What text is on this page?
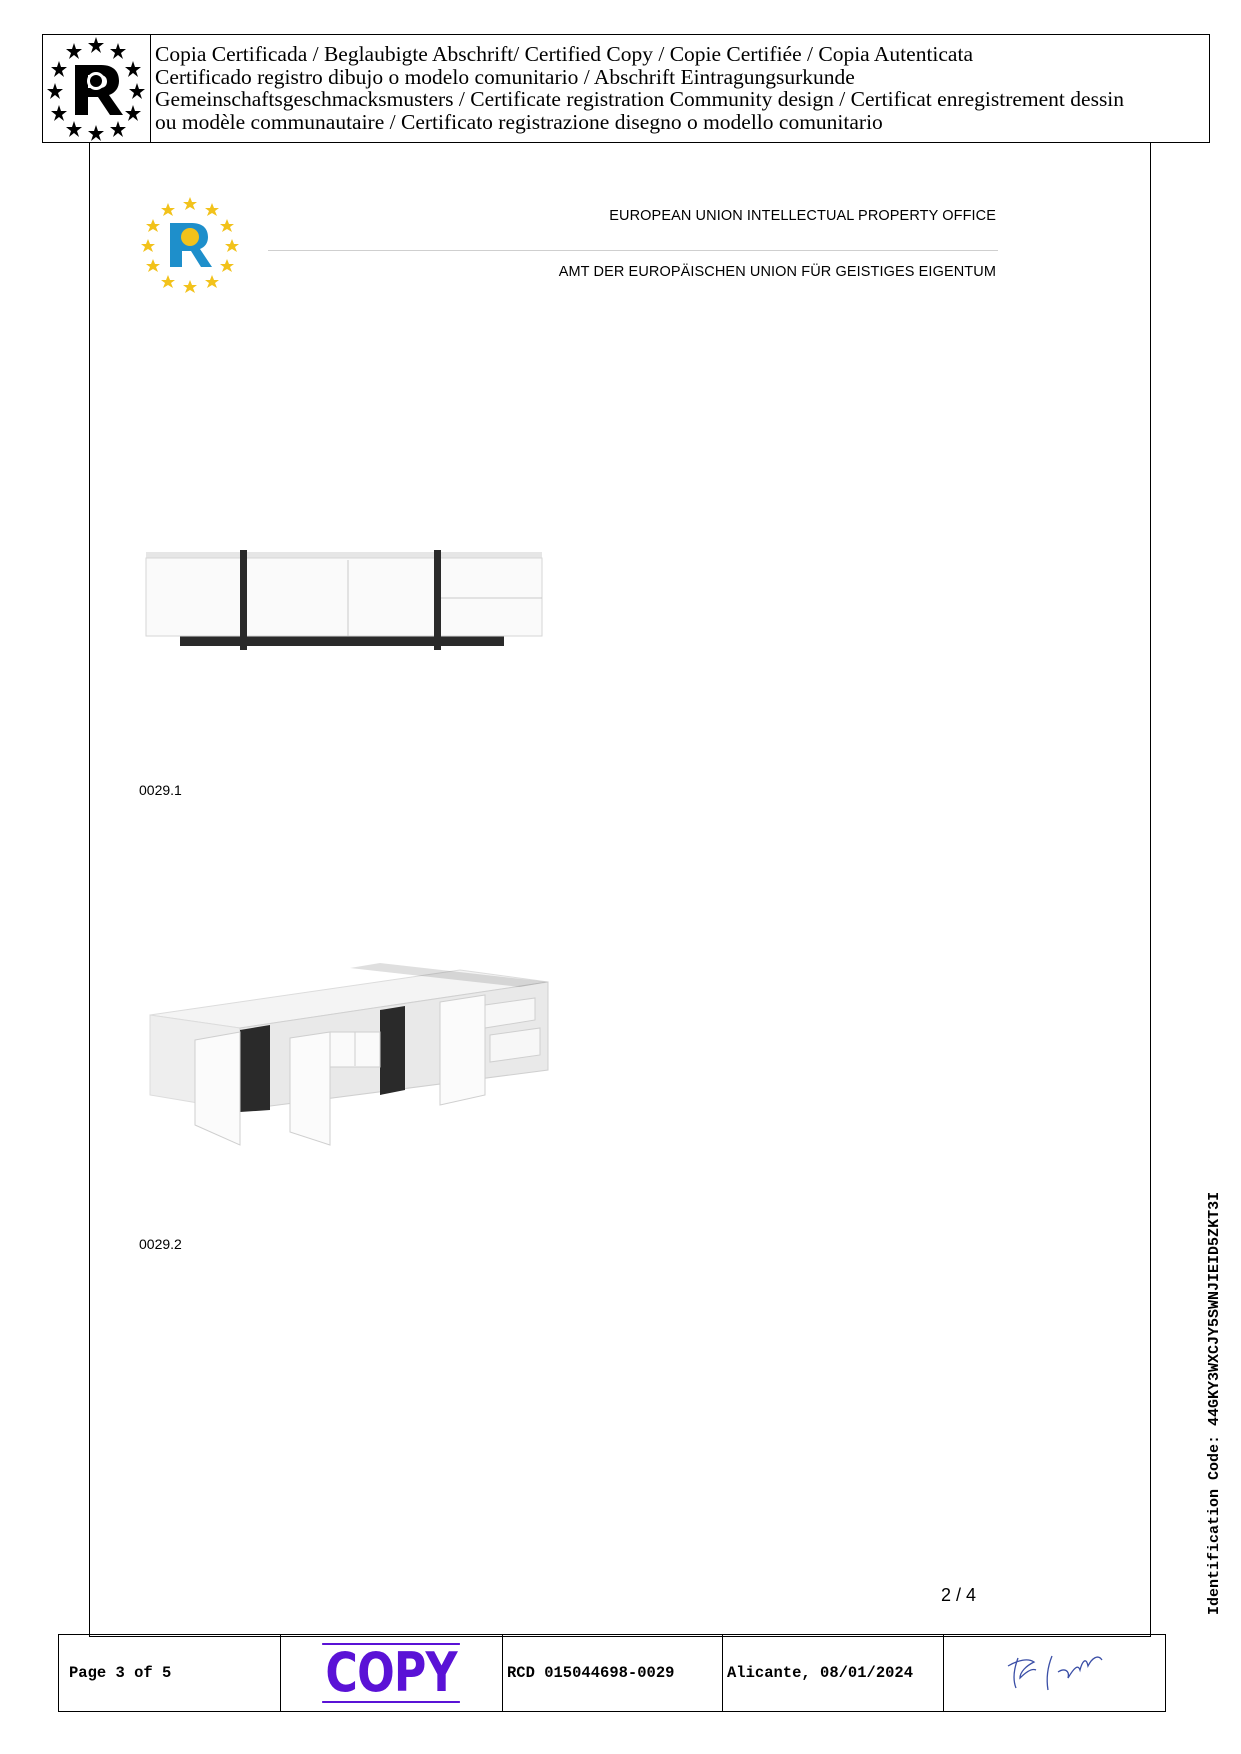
Copia Certificada / Beglaubigte Abschrift/ Certified Copy / Copie Certifiée / Copia Autenticata
Certificado registro dibujo o modelo comunitario / Abschrift Eintragungsurkunde
Gemeinschaftsgeschmacksmusters / Certificate registration Community design / Certificat enregistrement dessin
ou modèle communautaire / Certificato registrazione disegno o modello comunitario
EUROPEAN UNION INTELLECTUAL PROPERTY OFFICE
AMT DER EUROPÄISCHEN UNION FÜR GEISTIGES EIGENTUM
0029.1
0029.2
2 / 4	Identification Code: 44GKY3WXCJY5SWNJIEID5ZKT3I
Page 3 of 5	COPY	RCD 015044698-0029	Alicante, 08/01/2024
